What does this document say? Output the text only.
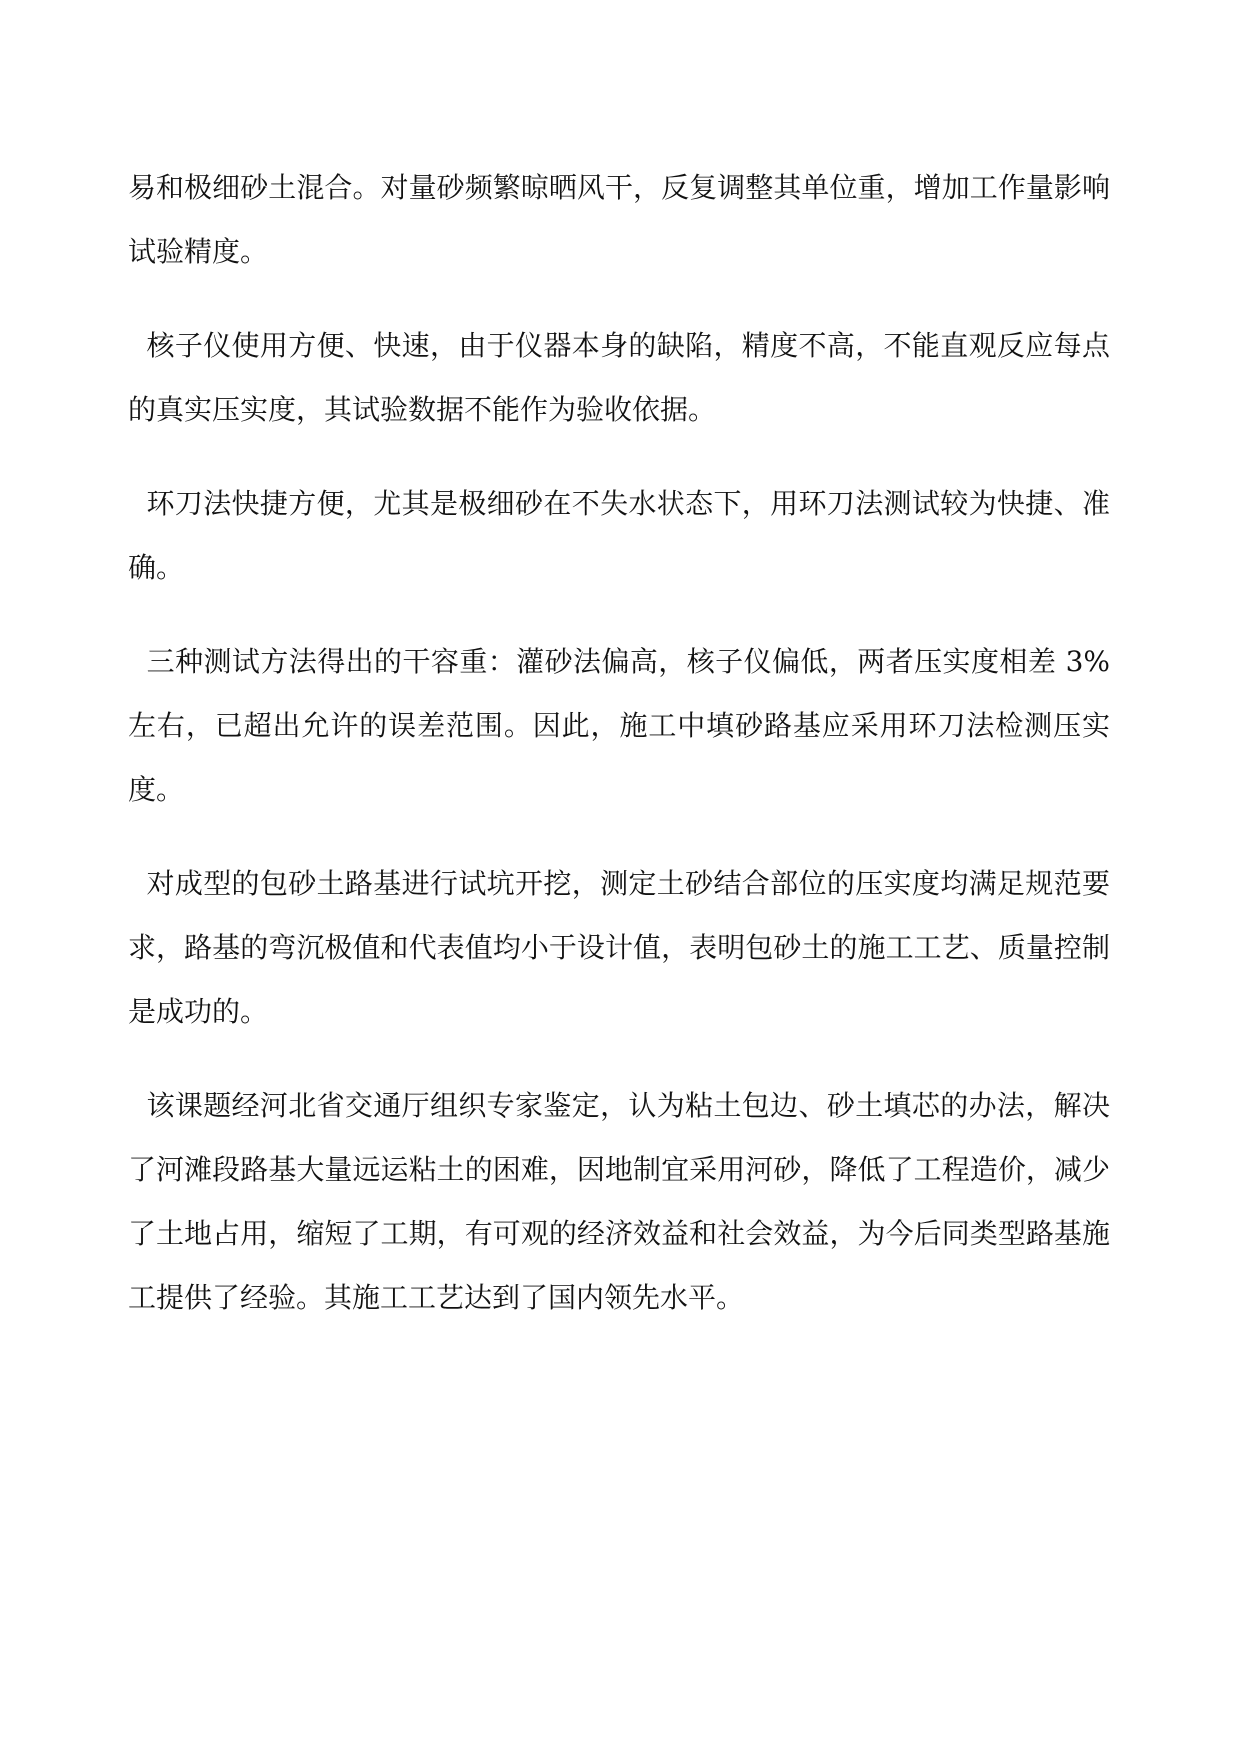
易和极细砂土混合。对量砂频繁晾晒风干，反复调整其单位重，增加工作量影响试验精度。

核子仪使用方便、快速，由于仪器本身的缺陷，精度不高，不能直观反应每点的真实压实度，其试验数据不能作为验收依据。

环刀法快捷方便，尤其是极细砂在不失水状态下，用环刀法测试较为快捷、准确。

三种测试方法得出的干容重：灌砂法偏高，核子仪偏低，两者压实度相差 3%左右，已超出允许的误差范围。因此，施工中填砂路基应采用环刀法检测压实度。

对成型的包砂土路基进行试坑开挖，测定土砂结合部位的压实度均满足规范要求，路基的弯沉极值和代表值均小于设计值，表明包砂土的施工工艺、质量控制是成功的。

该课题经河北省交通厅组织专家鉴定，认为粘土包边、砂土填芯的办法，解决了河滩段路基大量远运粘土的困难，因地制宜采用河砂，降低了工程造价，减少了土地占用，缩短了工期，有可观的经济效益和社会效益，为今后同类型路基施工提供了经验。其施工工艺达到了国内领先水平。
